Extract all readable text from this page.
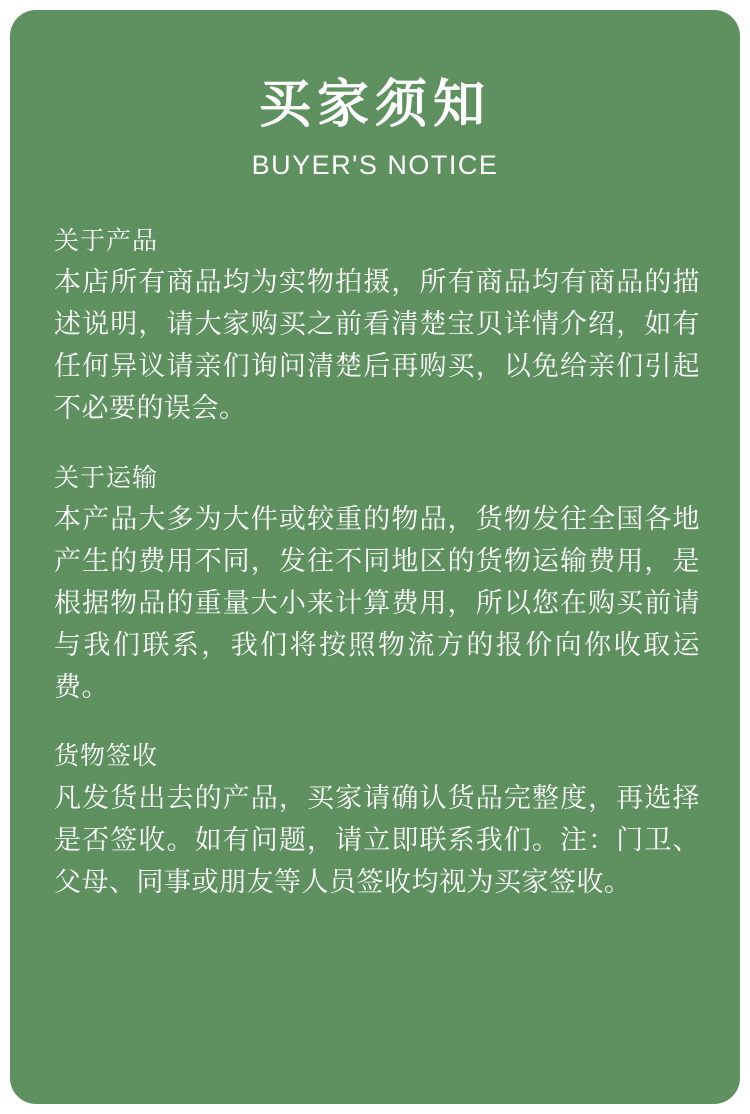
买家须知
BUYER'S NOTICE
关于产品

本店所有商品均为实物拍摄，所有商品均有商品的描述说明，请大家购买之前看清楚宝贝详情介绍，如有任何异议请亲们询问清楚后再购买，以免给亲们引起不必要的误会。

关于运输

本产品大多为大件或较重的物品，货物发往全国各地产生的费用不同，发往不同地区的货物运输费用，是根据物品的重量大小来计算费用，所以您在购买前请与我们联系，我们将按照物流方的报价向你收取运费。

货物签收

凡发货出去的产品，买家请确认货品完整度，再选择是否签收。如有问题，请立即联系我们。注：门卫、父母、同事或朋友等人员签收均视为买家签收。
